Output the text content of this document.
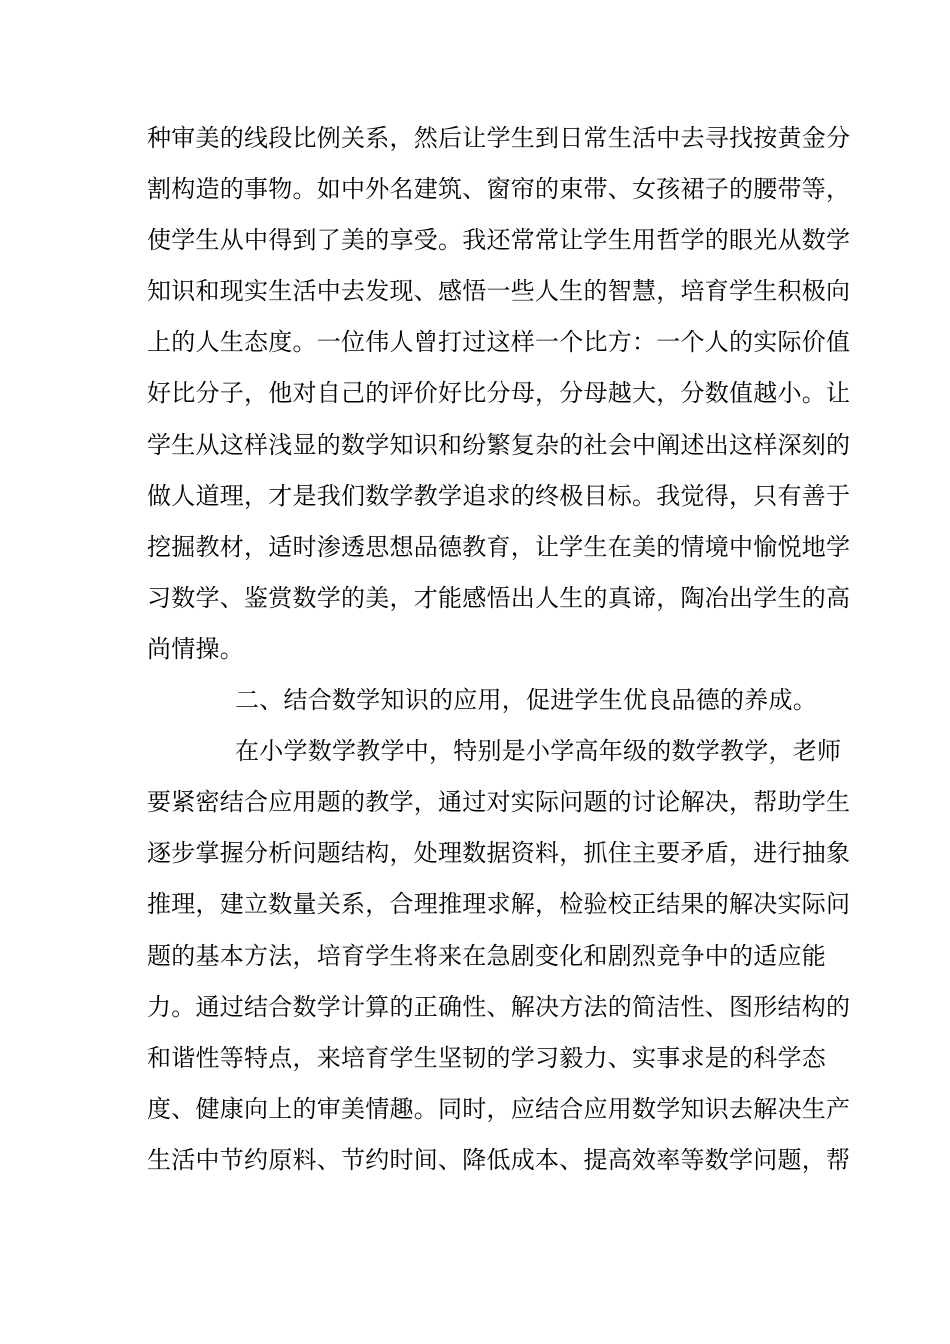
种审美的线段比例关系，然后让学生到日常生活中去寻找按黄金分
割构造的事物。如中外名建筑、窗帘的束带、女孩裙子的腰带等，
使学生从中得到了美的享受。我还常常让学生用哲学的眼光从数学
知识和现实生活中去发现、感悟一些人生的智慧，培育学生积极向
上的人生态度。一位伟人曾打过这样一个比方：一个人的实际价值
好比分子，他对自己的评价好比分母，分母越大，分数值越小。让
学生从这样浅显的数学知识和纷繁复杂的社会中阐述出这样深刻的
做人道理，才是我们数学教学追求的终极目标。我觉得，只有善于
挖掘教材，适时渗透思想品德教育，让学生在美的情境中愉悦地学
习数学、鉴赏数学的美，才能感悟出人生的真谛，陶冶出学生的高
尚情操。
二、结合数学知识的应用，促进学生优良品德的养成。
在小学数学教学中，特别是小学高年级的数学教学，老师
要紧密结合应用题的教学，通过对实际问题的讨论解决，帮助学生
逐步掌握分析问题结构，处理数据资料，抓住主要矛盾，进行抽象
推理，建立数量关系，合理推理求解，检验校正结果的解决实际问
题的基本方法，培育学生将来在急剧变化和剧烈竞争中的适应能
力。通过结合数学计算的正确性、解决方法的简洁性、图形结构的
和谐性等特点，来培育学生坚韧的学习毅力、实事求是的科学态
度、健康向上的审美情趣。同时，应结合应用数学知识去解决生产
生活中节约原料、节约时间、降低成本、提高效率等数学问题，帮
